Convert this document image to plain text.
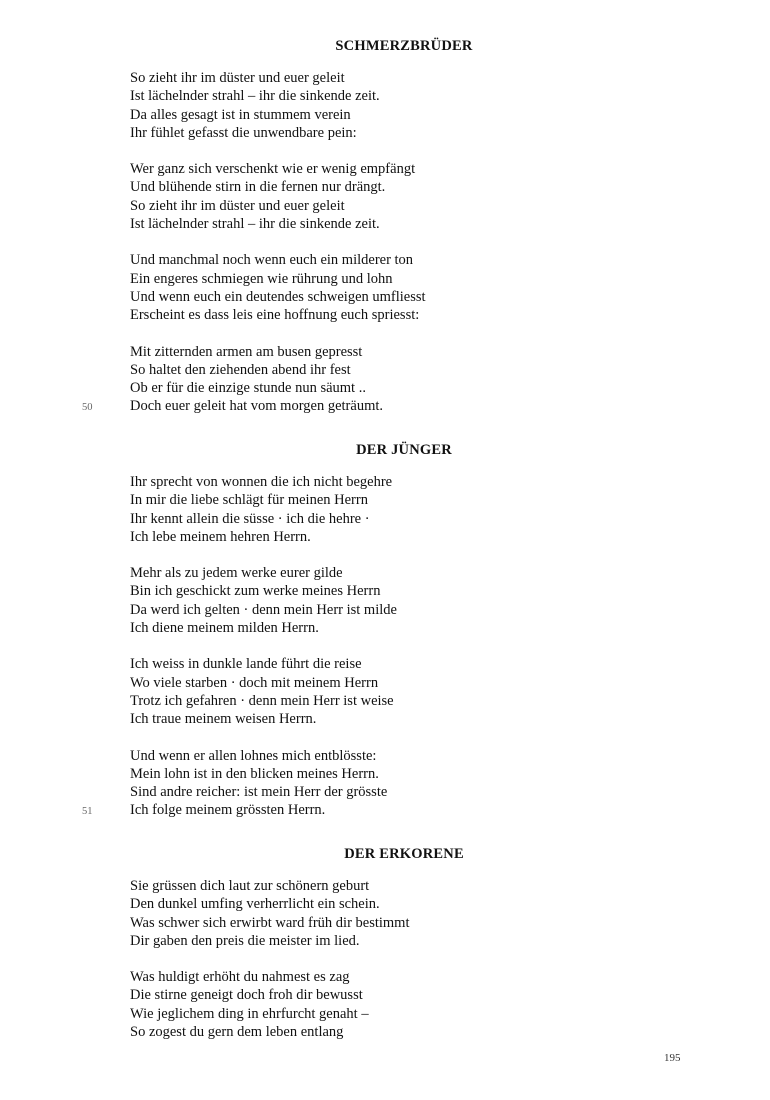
SCHMERZBRÜDER
So zieht ihr im düster und euer geleit
Ist lächelnder strahl – ihr die sinkende zeit.
Da alles gesagt ist in stummem verein
Ihr fühlet gefasst die unwendbare pein:
Wer ganz sich verschenkt wie er wenig empfängt
Und blühende stirn in die fernen nur drängt.
So zieht ihr im düster und euer geleit
Ist lächelnder strahl – ihr die sinkende zeit.
Und manchmal noch wenn euch ein milderer ton
Ein engeres schmiegen wie rührung und lohn
Und wenn euch ein deutendes schweigen umfliesst
Erscheint es dass leis eine hoffnung euch spriesst:
Mit zitternden armen am busen gepresst
So haltet den ziehenden abend ihr fest
Ob er für die einzige stunde nun säumt ..
Doch euer geleit hat vom morgen geträumt.
50
DER JÜNGER
Ihr sprecht von wonnen die ich nicht begehre
In mir die liebe schlägt für meinen Herrn
Ihr kennt allein die süsse · ich die hehre ·
Ich lebe meinem hehren Herrn.
Mehr als zu jedem werke eurer gilde
Bin ich geschickt zum werke meines Herrn
Da werd ich gelten · denn mein Herr ist milde
Ich diene meinem milden Herrn.
Ich weiss in dunkle lande führt die reise
Wo viele starben · doch mit meinem Herrn
Trotz ich gefahren · denn mein Herr ist weise
Ich traue meinem weisen Herrn.
Und wenn er allen lohnes mich entblösste:
Mein lohn ist in den blicken meines Herrn.
Sind andre reicher: ist mein Herr der grösste
Ich folge meinem grössten Herrn.
51
DER ERKORENE
Sie grüssen dich laut zur schönern geburt
Den dunkel umfing verherrlicht ein schein.
Was schwer sich erwirbt ward früh dir bestimmt
Dir gaben den preis die meister im lied.
Was huldigt erhöht du nahmest es zag
Die stirne geneigt doch froh dir bewusst
Wie jeglichem ding in ehrfurcht genaht –
So zogest du gern dem leben entlang
195
